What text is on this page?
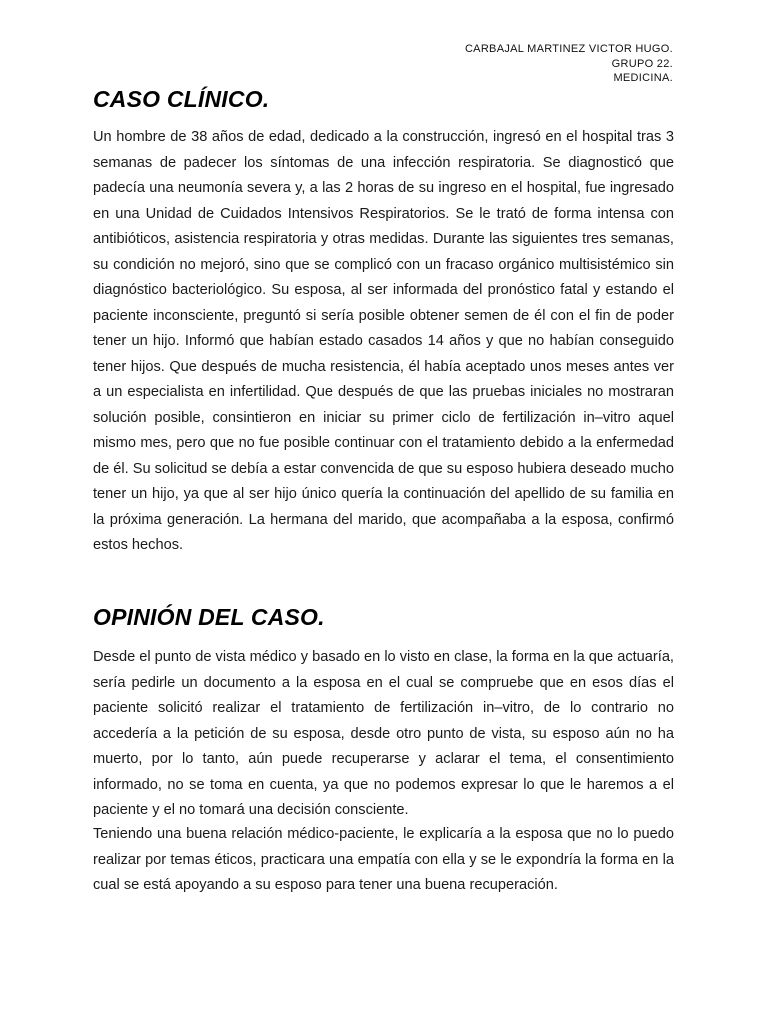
CARBAJAL MARTINEZ VICTOR HUGO.
GRUPO 22.
MEDICINA.
CASO CLÍNICO.

Un hombre de 38 años de edad, dedicado a la construcción, ingresó en el hospital tras 3 semanas de padecer los síntomas de una infección respiratoria. Se diagnosticó que padecía una neumonía severa y, a las 2 horas de su ingreso en el hospital, fue ingresado en una Unidad de Cuidados Intensivos Respiratorios. Se le trató de forma intensa con antibióticos, asistencia respiratoria y otras medidas. Durante las siguientes tres semanas, su condición no mejoró, sino que se complicó con un fracaso orgánico multisistémico sin diagnóstico bacteriológico. Su esposa, al ser informada del pronóstico fatal y estando el paciente inconsciente, preguntó si sería posible obtener semen de él con el fin de poder tener un hijo. Informó que habían estado casados 14 años y que no habían conseguido tener hijos. Que después de mucha resistencia, él había aceptado unos meses antes ver a un especialista en infertilidad. Que después de que las pruebas iniciales no mostraran solución posible, consintieron en iniciar su primer ciclo de fertilización in–vitro aquel mismo mes, pero que no fue posible continuar con el tratamiento debido a la enfermedad de él. Su solicitud se debía a estar convencida de que su esposo hubiera deseado mucho tener un hijo, ya que al ser hijo único quería la continuación del apellido de su familia en la próxima generación. La hermana del marido, que acompañaba a la esposa, confirmó estos hechos.

OPINIÓN DEL CASO.

Desde el punto de vista médico y basado en lo visto en clase, la forma en la que actuaría, sería pedirle un documento a la esposa en el cual se compruebe que en esos días el paciente solicitó realizar el tratamiento de fertilización in–vitro, de lo contrario no accedería a la petición de su esposa, desde otro punto de vista, su esposo aún no ha muerto, por lo tanto, aún puede recuperarse y aclarar el tema, el consentimiento informado, no se toma en cuenta, ya que no podemos expresar lo que le haremos a el paciente y el no tomará una decisión consciente.

Teniendo una buena relación médico-paciente, le explicaría a la esposa que no lo puedo realizar por temas éticos, practicara una empatía con ella y se le expondría la forma en la cual se está apoyando a su esposo para tener una buena recuperación.
